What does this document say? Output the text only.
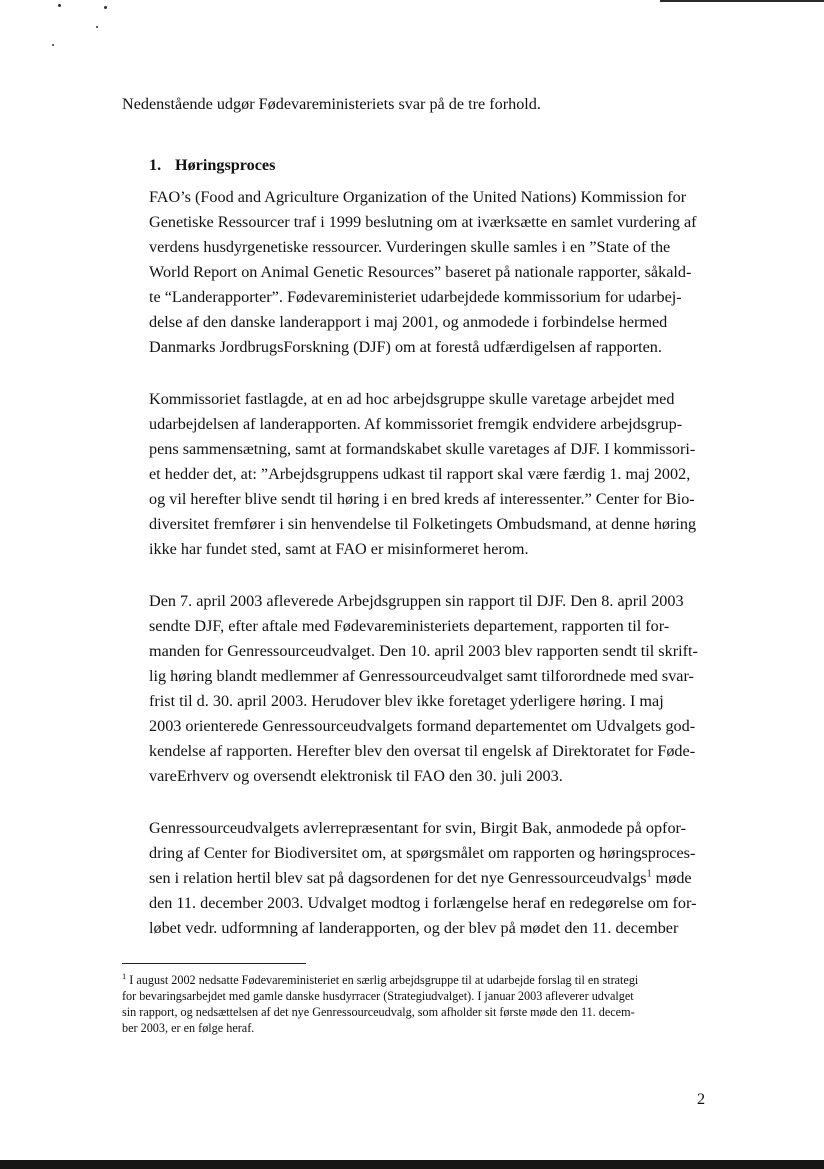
Nedenstående udgør Fødevareministeriets svar på de tre forhold.
1. Høringsproces
FAO’s (Food and Agriculture Organization of the United Nations) Kommission for
Genetiske Ressourcer traf i 1999 beslutning om at iværksætte en samlet vurdering af
verdens husdyrgenetiske ressourcer. Vurderingen skulle samles i en ”State of the
World Report on Animal Genetic Resources” baseret på nationale rapporter, såkald-
te “Landerapporter”. Fødevareministeriet udarbejdede kommissorium for udarbej-
delse af den danske landerapport i maj 2001, og anmodede i forbindelse hermed
Danmarks JordbrugsForskning (DJF) om at forestå udfærdigelsen af rapporten.
Kommissoriet fastlagde, at en ad hoc arbejdsgruppe skulle varetage arbejdet med
udarbejdelsen af landerapporten. Af kommissoriet fremgik endvidere arbejdsgrup-
pens sammensætning, samt at formandskabet skulle varetages af DJF. I kommissori-
et hedder det, at: ”Arbejdsgruppens udkast til rapport skal være færdig 1. maj 2002,
og vil herefter blive sendt til høring i en bred kreds af interessenter.” Center for Bio-
diversitet fremfører i sin henvendelse til Folketingets Ombudsmand, at denne høring
ikke har fundet sted, samt at FAO er misinformeret herom.
Den 7. april 2003 afleverede Arbejdsgruppen sin rapport til DJF. Den 8. april 2003
sendte DJF, efter aftale med Fødevareministeriets departement, rapporten til for-
manden for Genressourceudvalget. Den 10. april 2003 blev rapporten sendt til skrift-
lig høring blandt medlemmer af Genressourceudvalget samt tilforordnede med svar-
frist til d. 30. april 2003. Herudover blev ikke foretaget yderligere høring. I maj
2003 orienterede Genressourceudvalgets formand departementet om Udvalgets god-
kendelse af rapporten. Herefter blev den oversat til engelsk af Direktoratet for Føde-
vareErhverv og oversendt elektronisk til FAO den 30. juli 2003.
Genressourceudvalgets avlerrepræsentant for svin, Birgit Bak, anmodede på opfor-
dring af Center for Biodiversitet om, at spørgsmålet om rapporten og høringsproces-
sen i relation hertil blev sat på dagsordenen for det nye Genressourceudvalgs$^1$ møde
den 11. december 2003. Udvalget modtog i forlængelse heraf en redegørelse om for-
løbet vedr. udformning af landerapporten, og der blev på mødet den 11. december
$^1$ I august 2002 nedsatte Fødevareministeriet en særlig arbejdsgruppe til at udarbejde forslag til en strategi
for bevaringsarbejdet med gamle danske husdyrracer (Strategiudvalget). I januar 2003 afleverer udvalget
sin rapport, og nedsættelsen af det nye Genressourceudvalg, som afholder sit første møde den 11. decem-
ber 2003, er en følge heraf.
2
